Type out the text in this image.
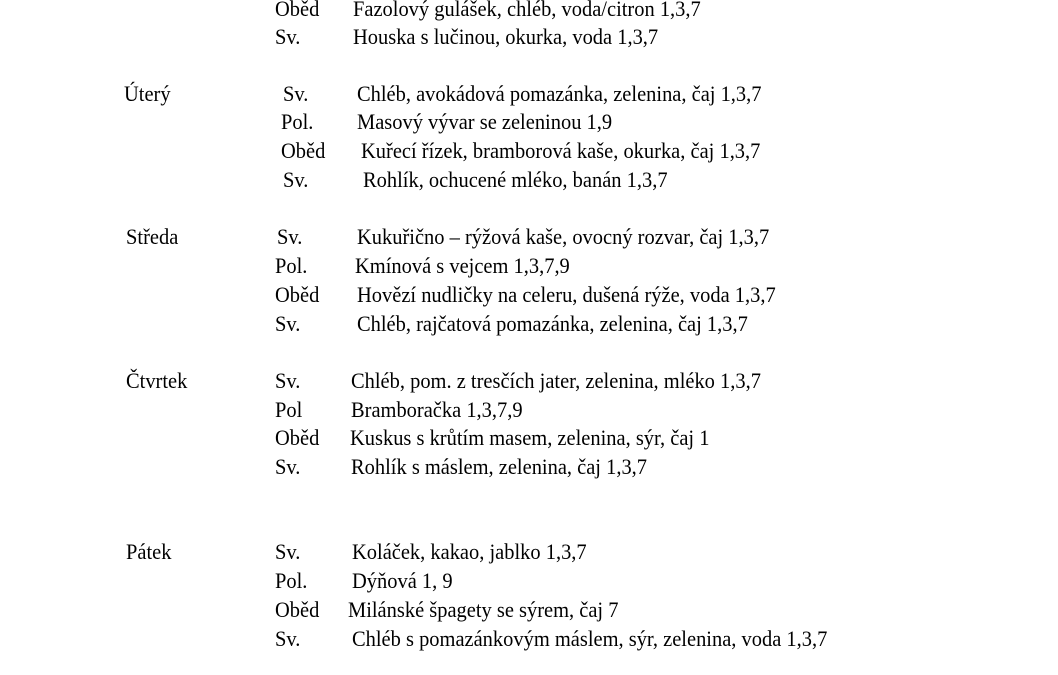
Oběd Fazolový gulášek, chléb, voda/citron 1,3,7
Sv. Houska s lučinou, okurka, voda 1,3,7
Úterý	Sv. Chléb, avokádová pomazánka, zelenina, čaj 1,3,7
Pol. Masový vývar se zeleninou 1,9
Oběd Kuřecí řízek, bramborová kaše, okurka, čaj 1,3,7
Sv. Rohlík, ochucené mléko, banán 1,3,7
Středa	Sv. Kukuřično – rýžová kaše, ovocný rozvar, čaj 1,3,7
Pol. Kmínová s vejcem 1,3,7,9
Oběd Hovězí nudličky na celeru, dušená rýže, voda 1,3,7
Sv.	Chléb, rajčatová pomazánka, zelenina, čaj 1,3,7
Čtvrtek	Sv. Chléb, pom. z tresčích jater, zelenina, mléko 1,3,7
Pol Bramboračka 1,3,7,9
Oběd Kuskus s krůtím masem, zelenina, sýr, čaj 1
Sv. Rohlík s máslem, zelenina, čaj 1,3,7
Pátek	Sv. Koláček, kakao, jablko 1,3,7
Pol. Dýňová 1, 9
Oběd Milánské špagety se sýrem, čaj 7
Sv. Chléb s pomazánkovým máslem, sýr, zelenina, voda 1,3,7
